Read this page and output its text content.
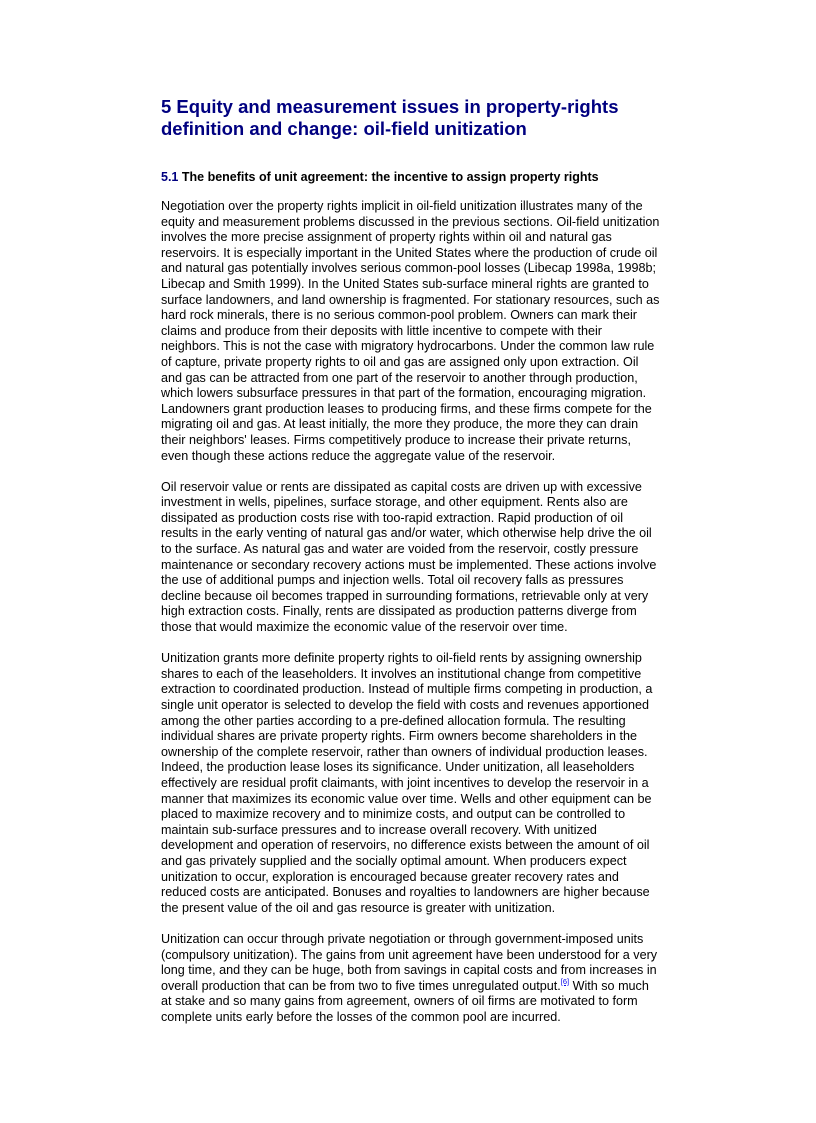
5 Equity and measurement issues in property-rights
definition and change: oil-field unitization
5.1 The benefits of unit agreement: the incentive to assign property rights

Negotiation over the property rights implicit in oil-field unitization illustrates many of the equity and measurement problems discussed in the previous sections. Oil-field unitization involves the more precise assignment of property rights within oil and natural gas reservoirs. It is especially important in the United States where the production of crude oil and natural gas potentially involves serious common-pool losses (Libecap 1998a, 1998b; Libecap and Smith 1999). In the United States sub-surface mineral rights are granted to surface landowners, and land ownership is fragmented. For stationary resources, such as hard rock minerals, there is no serious common-pool problem. Owners can mark their claims and produce from their deposits with little incentive to compete with their neighbors. This is not the case with migratory hydrocarbons. Under the common law rule of capture, private property rights to oil and gas are assigned only upon extraction. Oil and gas can be attracted from one part of the reservoir to another through production, which lowers subsurface pressures in that part of the formation, encouraging migration. Landowners grant production leases to producing firms, and these firms compete for the migrating oil and gas. At least initially, the more they produce, the more they can drain their neighbors' leases. Firms competitively produce to increase their private returns, even though these actions reduce the aggregate value of the reservoir.

Oil reservoir value or rents are dissipated as capital costs are driven up with excessive investment in wells, pipelines, surface storage, and other equipment. Rents also are dissipated as production costs rise with too-rapid extraction. Rapid production of oil results in the early venting of natural gas and/or water, which otherwise help drive the oil to the surface. As natural gas and water are voided from the reservoir, costly pressure maintenance or secondary recovery actions must be implemented. These actions involve the use of additional pumps and injection wells. Total oil recovery falls as pressures decline because oil becomes trapped in surrounding formations, retrievable only at very high extraction costs. Finally, rents are dissipated as production patterns diverge from those that would maximize the economic value of the reservoir over time.

Unitization grants more definite property rights to oil-field rents by assigning ownership shares to each of the leaseholders. It involves an institutional change from competitive extraction to coordinated production. Instead of multiple firms competing in production, a single unit operator is selected to develop the field with costs and revenues apportioned among the other parties according to a pre-defined allocation formula. The resulting individual shares are private property rights. Firm owners become shareholders in the ownership of the complete reservoir, rather than owners of individual production leases. Indeed, the production lease loses its significance. Under unitization, all leaseholders effectively are residual profit claimants, with joint incentives to develop the reservoir in a manner that maximizes its economic value over time. Wells and other equipment can be placed to maximize recovery and to minimize costs, and output can be controlled to maintain sub-surface pressures and to increase overall recovery. With unitized development and operation of reservoirs, no difference exists between the amount of oil and gas privately supplied and the socially optimal amount. When producers expect unitization to occur, exploration is encouraged because greater recovery rates and reduced costs are anticipated. Bonuses and royalties to landowners are higher because the present value of the oil and gas resource is greater with unitization.

Unitization can occur through private negotiation or through government-imposed units (compulsory unitization). The gains from unit agreement have been understood for a very long time, and they can be huge, both from savings in capital costs and from increases in overall production that can be from two to five times unregulated output.[6] With so much at stake and so many gains from agreement, owners of oil firms are motivated to form complete units early before the losses of the common pool are incurred.
